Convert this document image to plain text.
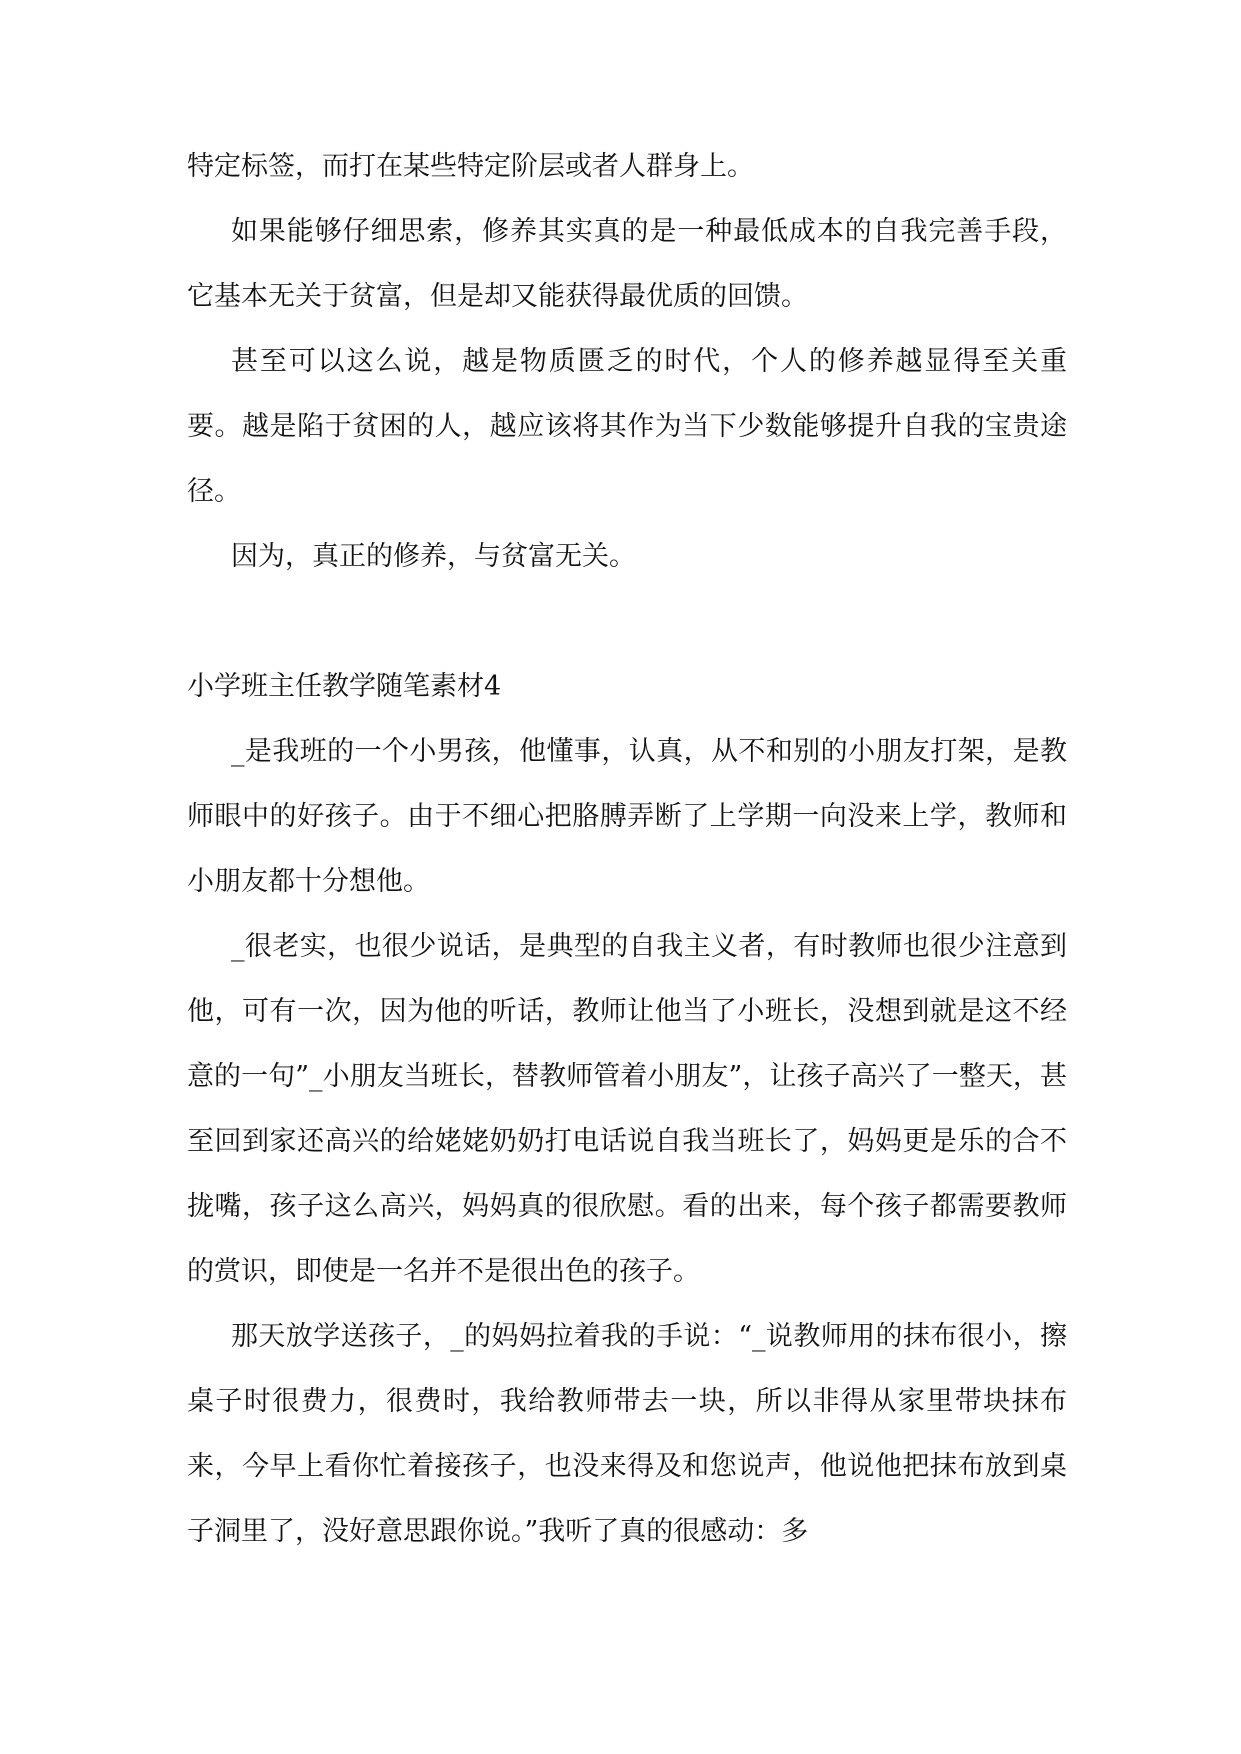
特定标签，而打在某些特定阶层或者人群身上。

如果能够仔细思索，修养其实真的是一种最低成本的自我完善手段，它基本无关于贫富，但是却又能获得最优质的回馈。

甚至可以这么说，越是物质匮乏的时代，个人的修养越显得至关重要。越是陷于贫困的人，越应该将其作为当下少数能够提升自我的宝贵途径。

因为，真正的修养，与贫富无关。

小学班主任教学随笔素材4

_是我班的一个小男孩，他懂事，认真，从不和别的小朋友打架，是教师眼中的好孩子。由于不细心把胳膊弄断了上学期一向没来上学，教师和小朋友都十分想他。

_很老实，也很少说话，是典型的自我主义者，有时教师也很少注意到他，可有一次，因为他的听话，教师让他当了小班长，没想到就是这不经意的一句”_小朋友当班长，替教师管着小朋友”，让孩子高兴了一整天，甚至回到家还高兴的给姥姥奶奶打电话说自我当班长了，妈妈更是乐的合不拢嘴，孩子这么高兴，妈妈真的很欣慰。看的出来，每个孩子都需要教师的赏识，即使是一名并不是很出色的孩子。

那天放学送孩子，_的妈妈拉着我的手说：“_说教师用的抹布很小，擦桌子时很费力，很费时，我给教师带去一块，所以非得从家里带块抹布来，今早上看你忙着接孩子，也没来得及和您说声，他说他把抹布放到桌子洞里了，没好意思跟你说。”我听了真的很感动：多
